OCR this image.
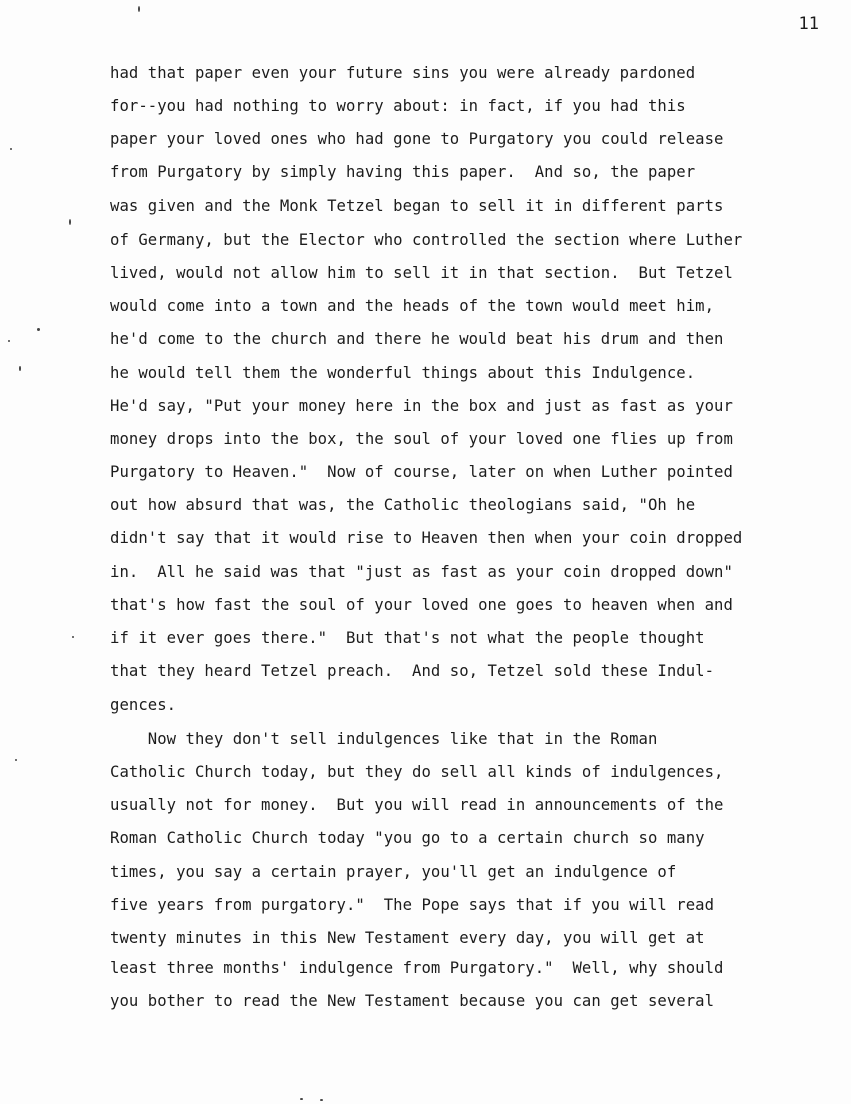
11
had that paper even your future sins you were already pardoned
for--you had nothing to worry about: in fact, if you had this
paper your loved ones who had gone to Purgatory you could release
from Purgatory by simply having this paper.  And so, the paper
was given and the Monk Tetzel began to sell it in different parts
of Germany, but the Elector who controlled the section where Luther
lived, would not allow him to sell it in that section.  But Tetzel
would come into a town and the heads of the town would meet him,
he'd come to the church and there he would beat his drum and then
he would tell them the wonderful things about this Indulgence.
He'd say, "Put your money here in the box and just as fast as your
money drops into the box, the soul of your loved one flies up from
Purgatory to Heaven."  Now of course, later on when Luther pointed
out how absurd that was, the Catholic theologians said, "Oh he
didn't say that it would rise to Heaven then when your coin dropped
in.  All he said was that "just as fast as your coin dropped down"
that's how fast the soul of your loved one goes to heaven when and
if it ever goes there."  But that's not what the people thought
that they heard Tetzel preach.  And so, Tetzel sold these Indul-
gences.
Now they don't sell indulgences like that in the Roman
Catholic Church today, but they do sell all kinds of indulgences,
usually not for money.  But you will read in announcements of the
Roman Catholic Church today "you go to a certain church so many
times, you say a certain prayer, you'll get an indulgence of
five years from purgatory."  The Pope says that if you will read
twenty minutes in this New Testament every day, you will get at
least three months' indulgence from Purgatory."  Well, why should
you bother to read the New Testament because you can get several
